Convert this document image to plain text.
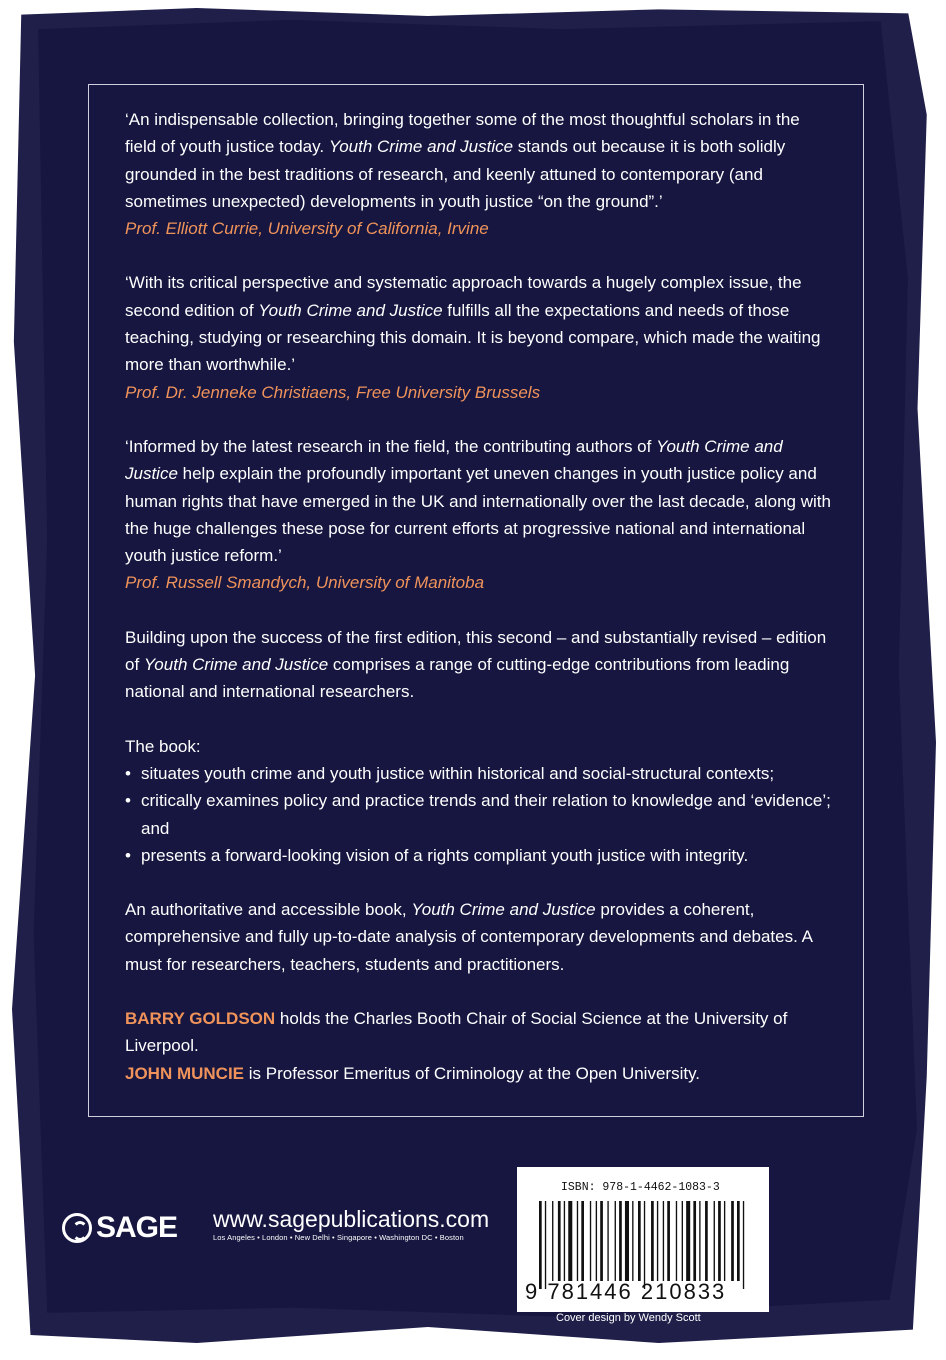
‘An indispensable collection, bringing together some of the most thoughtful scholars in the field of youth justice today. Youth Crime and Justice stands out because it is both solidly grounded in the best traditions of research, and keenly attuned to contemporary (and sometimes unexpected) developments in youth justice “on the ground”.’
Prof. Elliott Currie, University of California, Irvine

‘With its critical perspective and systematic approach towards a hugely complex issue, the second edition of Youth Crime and Justice fulfills all the expectations and needs of those teaching, studying or researching this domain. It is beyond compare, which made the waiting more than worthwhile.’
Prof. Dr. Jenneke Christiaens, Free University Brussels

‘Informed by the latest research in the field, the contributing authors of Youth Crime and Justice help explain the profoundly important yet uneven changes in youth justice policy and human rights that have emerged in the UK and internationally over the last decade, along with the huge challenges these pose for current efforts at progressive national and international youth justice reform.’
Prof. Russell Smandych, University of Manitoba

Building upon the success of the first edition, this second – and substantially revised – edition of Youth Crime and Justice comprises a range of cutting-edge contributions from leading national and international researchers.

The book:
• situates youth crime and youth justice within historical and social-structural contexts;
• critically examines policy and practice trends and their relation to knowledge and ‘evidence’; and
• presents a forward-looking vision of a rights compliant youth justice with integrity.

An authoritative and accessible book, Youth Crime and Justice provides a coherent, comprehensive and fully up-to-date analysis of contemporary developments and debates. A must for researchers, teachers, students and practitioners.

BARRY GOLDSON holds the Charles Booth Chair of Social Science at the University of Liverpool.
JOHN MUNCIE is Professor Emeritus of Criminology at the Open University.
SAGE www.sagepublications.com
Los Angeles • London • New Delhi • Singapore • Washington DC • Boston
ISBN: 978-1-4462-1083-3
9 781446 210833
Cover design by Wendy Scott
